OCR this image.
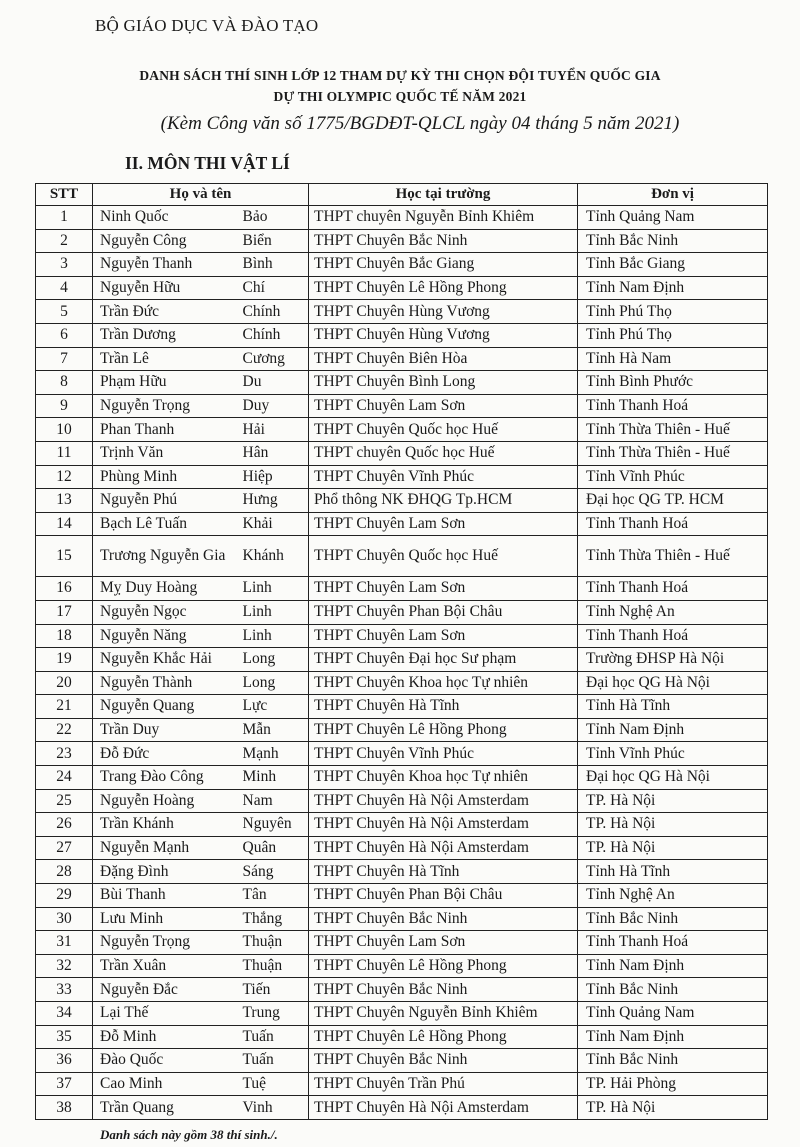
BỘ GIÁO DỤC VÀ ĐÀO TẠO
DANH SÁCH THÍ SINH LỚP 12 THAM DỰ KỲ THI CHỌN ĐỘI TUYỂN QUỐC GIA
DỰ THI OLYMPIC QUỐC TẾ NĂM 2021
(Kèm Công văn số 1775/BGDĐT-QLCL ngày 04 tháng 5 năm 2021)
II. MÔN THI VẬT LÍ
STT	Họ và tên		Học tại trường	Đơn vị
1	Ninh Quốc	Bảo	THPT chuyên Nguyễn Bỉnh Khiêm	Tỉnh Quảng Nam
2	Nguyễn Công	Biển	THPT Chuyên Bắc Ninh	Tỉnh Bắc Ninh
3	Nguyễn Thanh	Bình	THPT Chuyên Bắc Giang	Tỉnh Bắc Giang
4	Nguyễn Hữu	Chí	THPT Chuyên Lê Hồng Phong	Tỉnh Nam Định
5	Trần Đức	Chính	THPT Chuyên Hùng Vương	Tỉnh Phú Thọ
6	Trần Dương	Chính	THPT Chuyên Hùng Vương	Tỉnh Phú Thọ
7	Trần Lê	Cương	THPT Chuyên Biên Hòa	Tỉnh Hà Nam
8	Phạm Hữu	Du	THPT Chuyên Bình Long	Tỉnh Bình Phước
9	Nguyễn Trọng	Duy	THPT Chuyên Lam Sơn	Tỉnh Thanh Hoá
10	Phan Thanh	Hải	THPT Chuyên Quốc học Huế	Tỉnh Thừa Thiên - Huế
11	Trịnh Văn	Hân	THPT chuyên Quốc học Huế	Tỉnh Thừa Thiên - Huế
12	Phùng Minh	Hiệp	THPT Chuyên Vĩnh Phúc	Tỉnh Vĩnh Phúc
13	Nguyễn Phú	Hưng	Phổ thông NK ĐHQG Tp.HCM	Đại học QG TP. HCM
14	Bạch Lê Tuấn	Khải	THPT Chuyên Lam Sơn	Tỉnh Thanh Hoá
15	Trương Nguyễn Gia	Khánh	THPT Chuyên Quốc học Huế	Tỉnh Thừa Thiên - Huế
16	Mỵ Duy Hoàng	Linh	THPT Chuyên Lam Sơn	Tỉnh Thanh Hoá
17	Nguyễn Ngọc	Linh	THPT Chuyên Phan Bội Châu	Tỉnh Nghệ An
18	Nguyễn Năng	Linh	THPT Chuyên Lam Sơn	Tỉnh Thanh Hoá
19	Nguyễn Khắc Hải	Long	THPT Chuyên Đại học Sư phạm	Trường ĐHSP Hà Nội
20	Nguyễn Thành	Long	THPT Chuyên Khoa học Tự nhiên	Đại học QG Hà Nội
21	Nguyễn Quang	Lực	THPT Chuyên Hà Tĩnh	Tỉnh Hà Tĩnh
22	Trần Duy	Mẫn	THPT Chuyên Lê Hồng Phong	Tỉnh Nam Định
23	Đỗ Đức	Mạnh	THPT Chuyên Vĩnh Phúc	Tỉnh Vĩnh Phúc
24	Trang Đào Công	Minh	THPT Chuyên Khoa học Tự nhiên	Đại học QG Hà Nội
25	Nguyễn Hoàng	Nam	THPT Chuyên Hà Nội Amsterdam	TP. Hà Nội
26	Trần Khánh	Nguyên	THPT Chuyên Hà Nội Amsterdam	TP. Hà Nội
27	Nguyễn Mạnh	Quân	THPT Chuyên Hà Nội Amsterdam	TP. Hà Nội
28	Đặng Đình	Sáng	THPT Chuyên Hà Tĩnh	Tỉnh Hà Tĩnh
29	Bùi Thanh	Tân	THPT Chuyên Phan Bội Châu	Tỉnh Nghệ An
30	Lưu Minh	Thắng	THPT Chuyên Bắc Ninh	Tỉnh Bắc Ninh
31	Nguyễn Trọng	Thuận	THPT Chuyên Lam Sơn	Tỉnh Thanh Hoá
32	Trần Xuân	Thuận	THPT Chuyên Lê Hồng Phong	Tỉnh Nam Định
33	Nguyễn Đắc	Tiến	THPT Chuyên Bắc Ninh	Tỉnh Bắc Ninh
34	Lại Thế	Trung	THPT Chuyên Nguyễn Bỉnh Khiêm	Tỉnh Quảng Nam
35	Đỗ Minh	Tuấn	THPT Chuyên Lê Hồng Phong	Tỉnh Nam Định
36	Đào Quốc	Tuấn	THPT Chuyên Bắc Ninh	Tỉnh Bắc Ninh
37	Cao Minh	Tuệ	THPT Chuyên Trần Phú	TP. Hải Phòng
38	Trần Quang	Vinh	THPT Chuyên Hà Nội Amsterdam	TP. Hà Nội
Danh sách này gồm 38 thí sinh./.
